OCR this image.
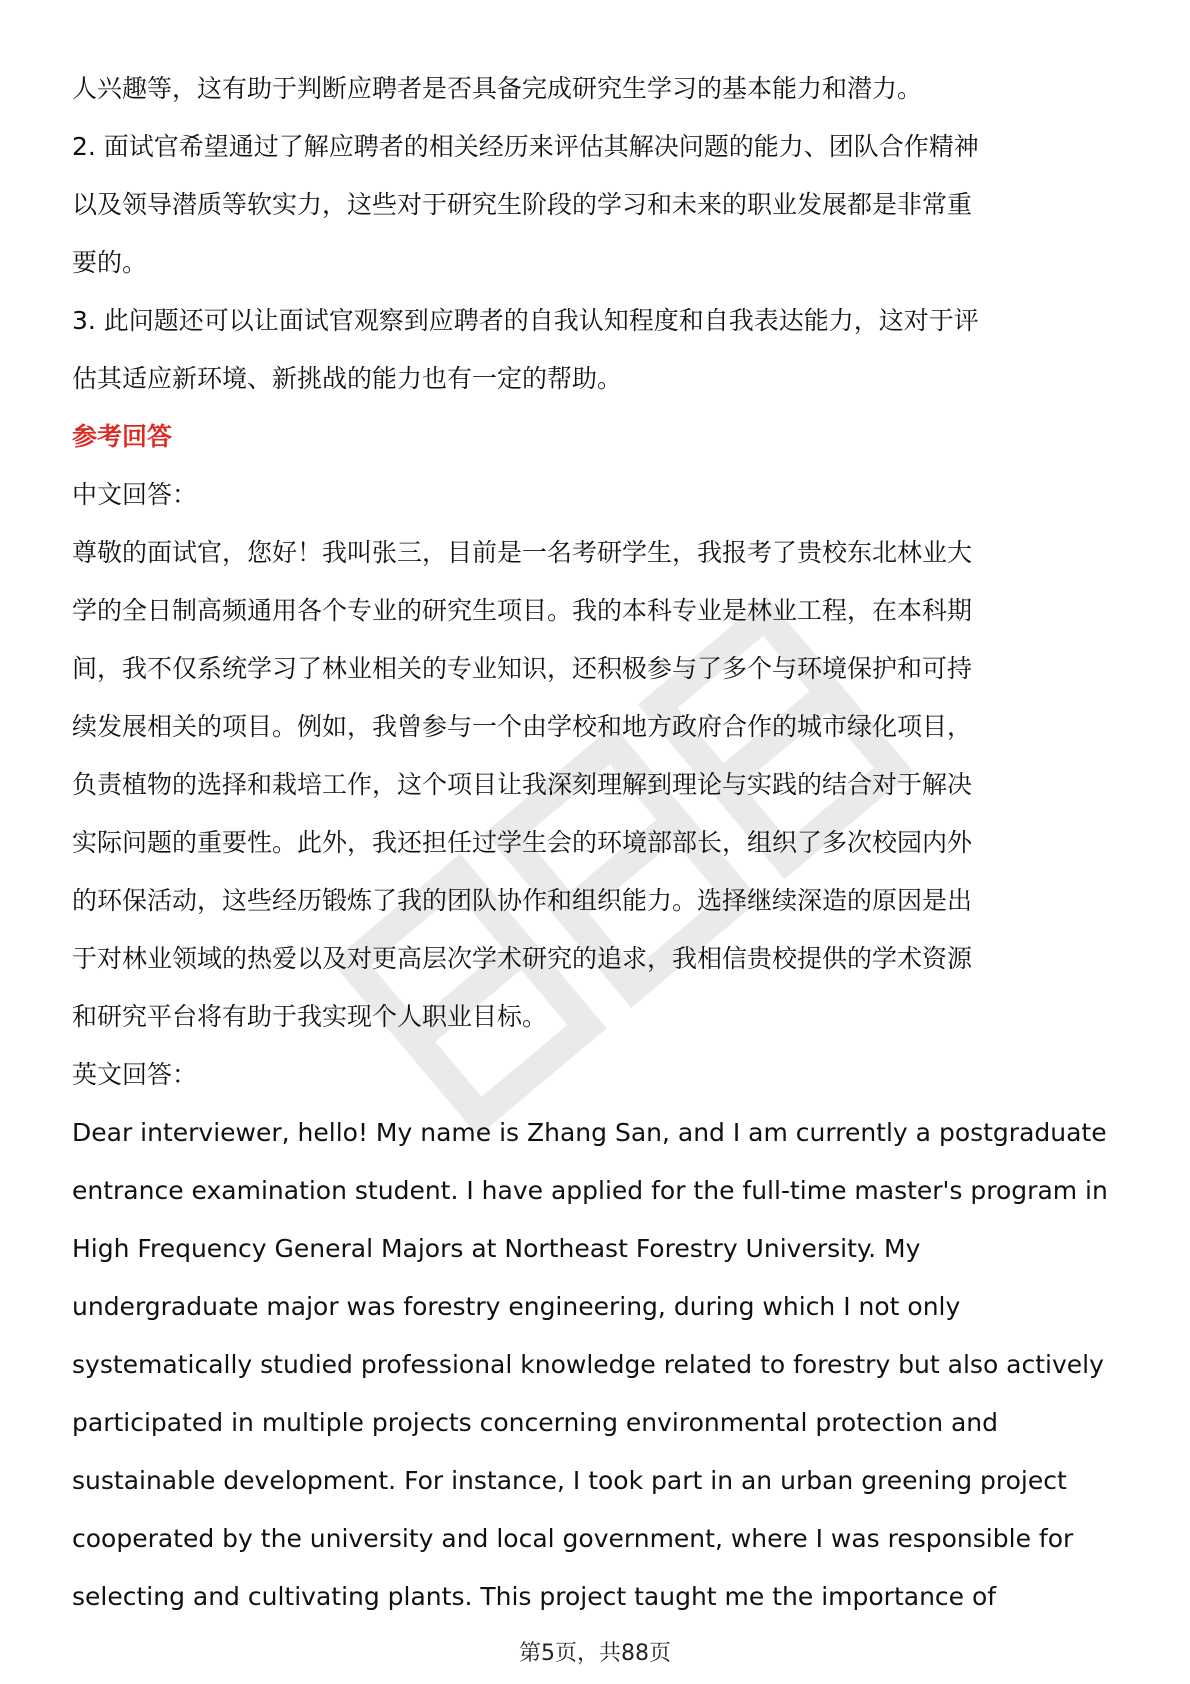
人兴趣等，这有助于判断应聘者是否具备完成研究生学习的基本能力和潜力。
2. 面试官希望通过了解应聘者的相关经历来评估其解决问题的能力、团队合作精神
以及领导潜质等软实力，这些对于研究生阶段的学习和未来的职业发展都是非常重
要的。
3. 此问题还可以让面试官观察到应聘者的自我认知程度和自我表达能力，这对于评
估其适应新环境、新挑战的能力也有一定的帮助。
参考回答
中文回答：
尊敬的面试官，您好！我叫张三，目前是一名考研学生，我报考了贵校东北林业大
学的全日制高频通用各个专业的研究生项目。我的本科专业是林业工程，在本科期
间，我不仅系统学习了林业相关的专业知识，还积极参与了多个与环境保护和可持
续发展相关的项目。例如，我曾参与一个由学校和地方政府合作的城市绿化项目，
负责植物的选择和栽培工作，这个项目让我深刻理解到理论与实践的结合对于解决
实际问题的重要性。此外，我还担任过学生会的环境部部长，组织了多次校园内外
的环保活动，这些经历锻炼了我的团队协作和组织能力。选择继续深造的原因是出
于对林业领域的热爱以及对更高层次学术研究的追求，我相信贵校提供的学术资源
和研究平台将有助于我实现个人职业目标。
英文回答：
Dear interviewer, hello! My name is Zhang San, and I am currently a postgraduate
entrance examination student. I have applied for the full-time master's program in
High Frequency General Majors at Northeast Forestry University. My
undergraduate major was forestry engineering, during which I not only
systematically studied professional knowledge related to forestry but also actively
participated in multiple projects concerning environmental protection and
sustainable development. For instance, I took part in an urban greening project
cooperated by the university and local government, where I was responsible for
selecting and cultivating plants. This project taught me the importance of
第5页，共88页
